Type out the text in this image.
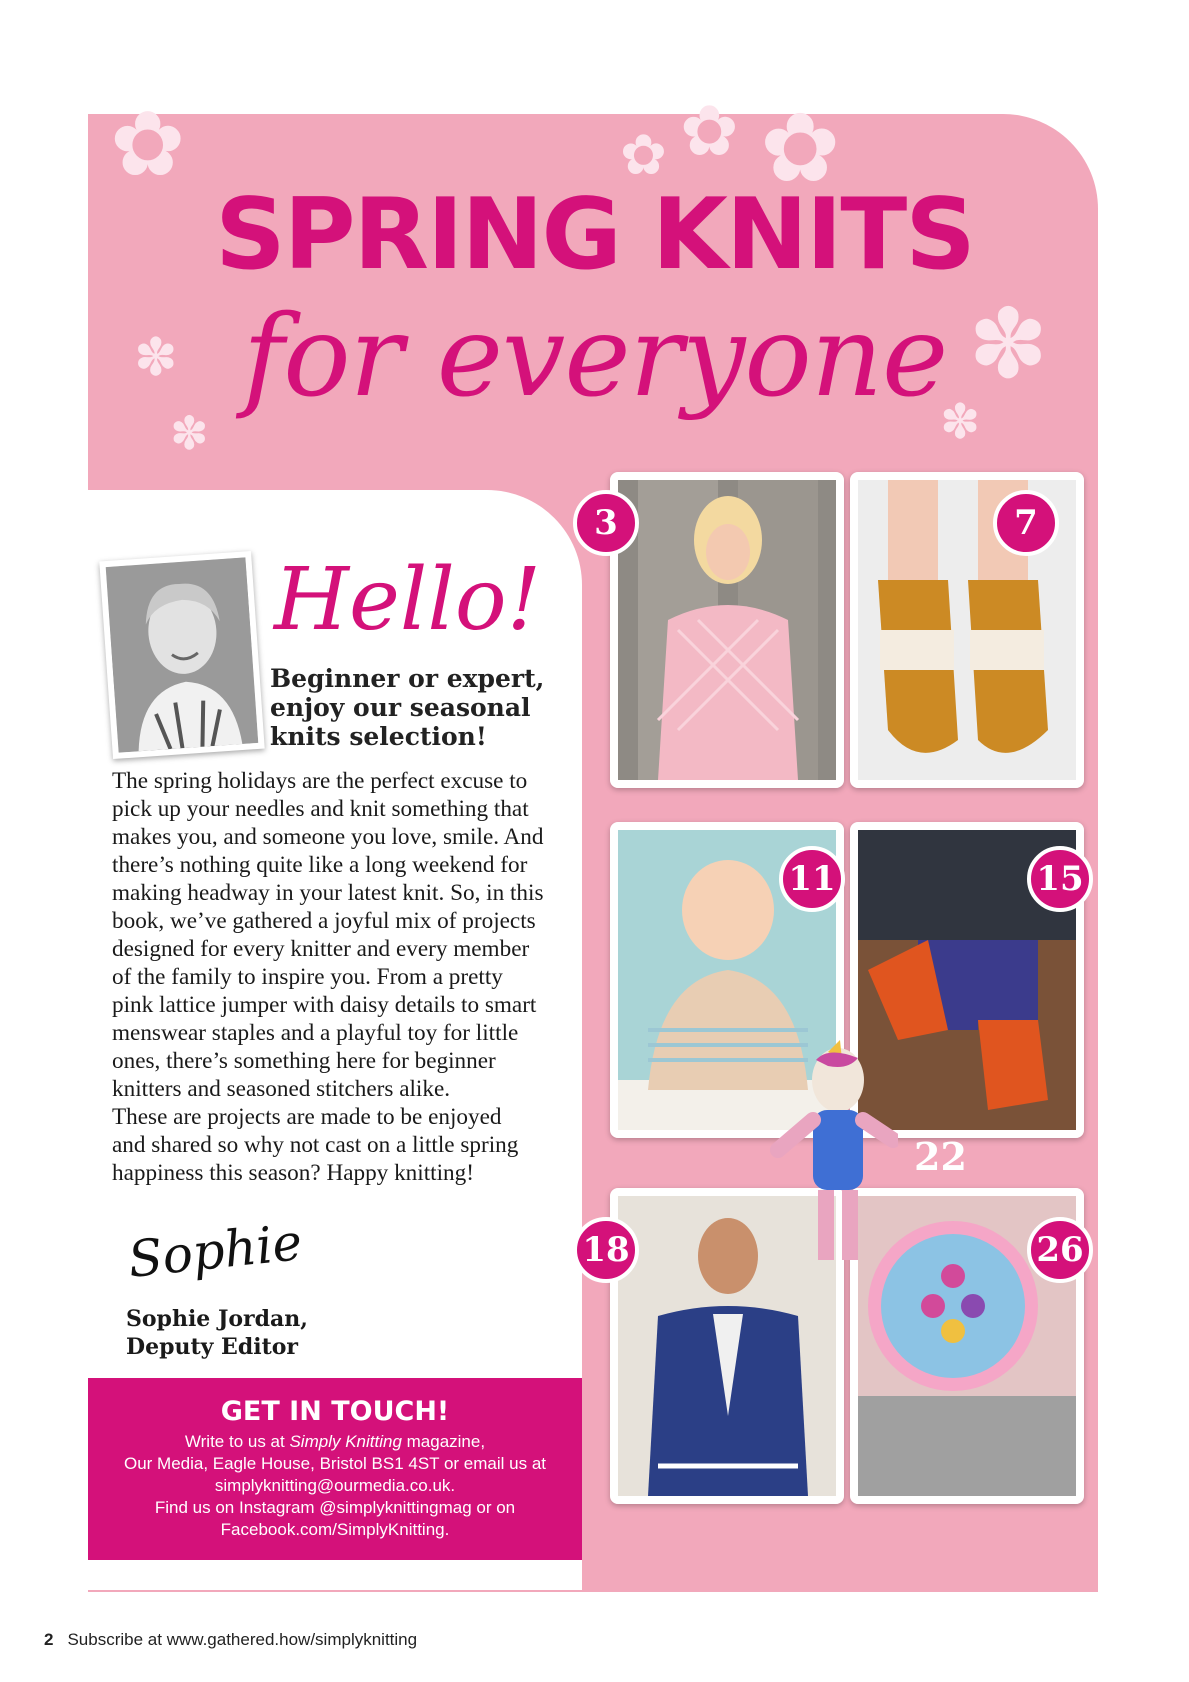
✿	✿ ✿ ✿
✽
✽
✽
✽
SPRING KNITS
for everyone
Hello!

Beginner or expert, enjoy our seasonal knits selection!

The spring holidays are the perfect excuse to

pick up your needles and knit something that

makes you, and someone you love, smile. And

there’s nothing quite like a long weekend for

making headway in your latest knit. So, in this

book, we’ve gathered a joyful mix of projects

designed for every knitter and every member

of the family to inspire you. From a pretty

pink lattice jumper with daisy details to smart

menswear staples and a playful toy for little

ones, there’s something here for beginner

knitters and seasoned stitchers alike.

These are projects are made to be enjoyed

and shared so why not cast on a little spring

happiness this season? Happy knitting!

Sophie

Sophie Jordan,
Deputy Editor

GET IN TOUCH!
Write to us at Simply Knitting magazine,
Our Media, Eagle House, Bristol BS1 4ST or email us at
simplyknitting@ourmedia.co.uk.
Find us on Instagram @simplyknittingmag or on
Facebook.com/SimplyKnitting.
3	7
11	15
22
18	26
2 Subscribe at www.gathered.how/simplyknitting
